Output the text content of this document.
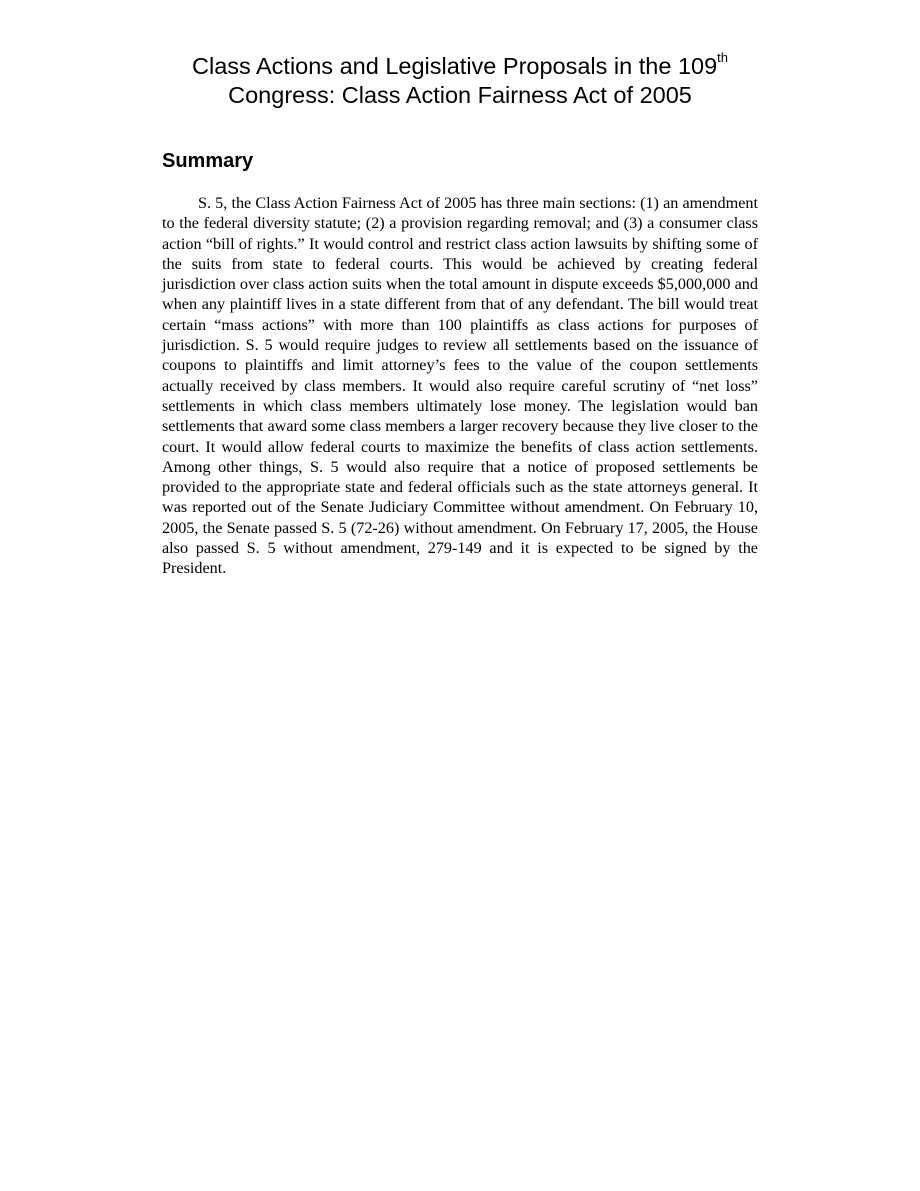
Class Actions and Legislative Proposals in the 109th
Congress: Class Action Fairness Act of 2005
Summary

S. 5, the Class Action Fairness Act of 2005 has three main sections: (1) an amendment to the federal diversity statute; (2) a provision regarding removal; and (3) a consumer class action “bill of rights.” It would control and restrict class action lawsuits by shifting some of the suits from state to federal courts. This would be achieved by creating federal jurisdiction over class action suits when the total amount in dispute exceeds $5,000,000 and when any plaintiff lives in a state different from that of any defendant. The bill would treat certain “mass actions” with more than 100 plaintiffs as class actions for purposes of jurisdiction. S. 5 would require judges to review all settlements based on the issuance of coupons to plaintiffs and limit attorney’s fees to the value of the coupon settlements actually received by class members. It would also require careful scrutiny of “net loss” settlements in which class members ultimately lose money. The legislation would ban settlements that award some class members a larger recovery because they live closer to the court. It would allow federal courts to maximize the benefits of class action settlements. Among other things, S. 5 would also require that a notice of proposed settlements be provided to the appropriate state and federal officials such as the state attorneys general. It was reported out of the Senate Judiciary Committee without amendment. On February 10, 2005, the Senate passed S. 5 (72-26) without amendment. On February 17, 2005, the House also passed S. 5 without amendment, 279-149 and it is expected to be signed by the President.
